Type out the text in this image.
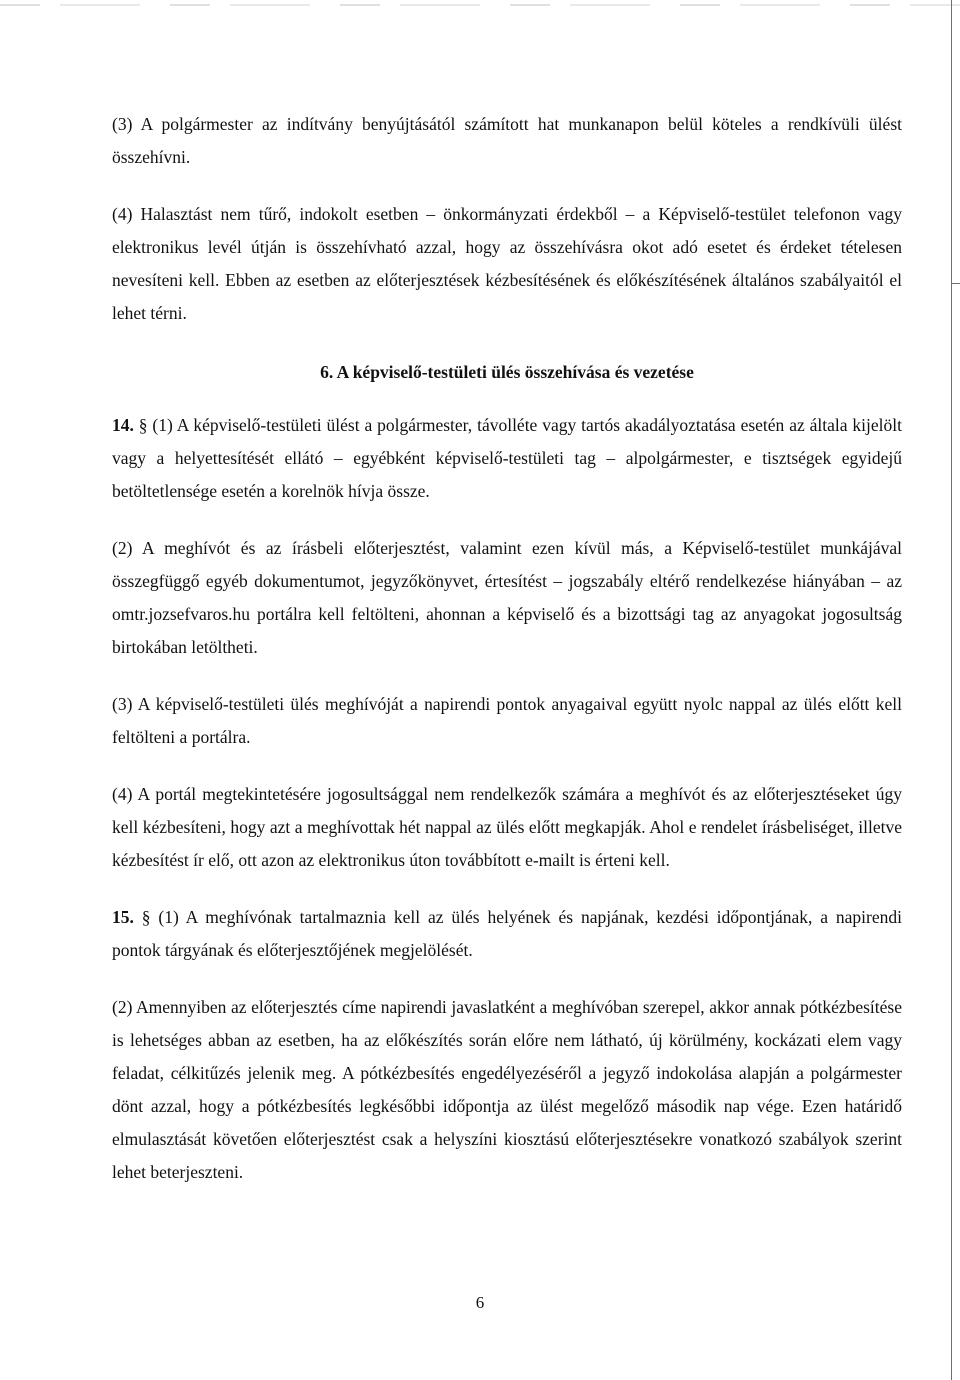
(3) A polgármester az indítvány benyújtásától számított hat munkanapon belül köteles a rendkívüli ülést összehívni.

(4) Halasztást nem tűrő, indokolt esetben – önkormányzati érdekből – a Képviselő-testület telefonon vagy elektronikus levél útján is összehívható azzal, hogy az összehívásra okot adó esetet és érdeket tételesen nevesíteni kell. Ebben az esetben az előterjesztések kézbesítésének és előkészítésének általános szabályaitól el lehet térni.

6. A képviselő-testületi ülés összehívása és vezetése

14. § (1) A képviselő-testületi ülést a polgármester, távolléte vagy tartós akadályoztatása esetén az általa kijelölt vagy a helyettesítését ellátó – egyébként képviselő-testületi tag – alpolgármester, e tisztségek egyidejű betöltetlensége esetén a korelnök hívja össze.

(2) A meghívót és az írásbeli előterjesztést, valamint ezen kívül más, a Képviselő-testület munkájával összegfüggő egyéb dokumentumot, jegyzőkönyvet, értesítést – jogszabály eltérő rendelkezése hiányában – az omtr.jozsefvaros.hu portálra kell feltölteni, ahonnan a képviselő és a bizottsági tag az anyagokat jogosultság birtokában letöltheti.

(3) A képviselő-testületi ülés meghívóját a napirendi pontok anyagaival együtt nyolc nappal az ülés előtt kell feltölteni a portálra.

(4) A portál megtekintetésére jogosultsággal nem rendelkezők számára a meghívót és az előterjesztéseket úgy kell kézbesíteni, hogy azt a meghívottak hét nappal az ülés előtt megkapják. Ahol e rendelet írásbeliséget, illetve kézbesítést ír elő, ott azon az elektronikus úton továbbított e-mailt is érteni kell.

15. § (1) A meghívónak tartalmaznia kell az ülés helyének és napjának, kezdési időpontjának, a napirendi pontok tárgyának és előterjesztőjének megjelölését.

(2) Amennyiben az előterjesztés címe napirendi javaslatként a meghívóban szerepel, akkor annak pótkézbesítése is lehetséges abban az esetben, ha az előkészítés során előre nem látható, új körülmény, kockázati elem vagy feladat, célkitűzés jelenik meg. A pótkézbesítés engedélyezéséről a jegyző indokolása alapján a polgármester dönt azzal, hogy a pótkézbesítés legkésőbbi időpontja az ülést megelőző második nap vége. Ezen határidő elmulasztását követően előterjesztést csak a helyszíni kiosztású előterjesztésekre vonatkozó szabályok szerint lehet beterjeszteni.

6
